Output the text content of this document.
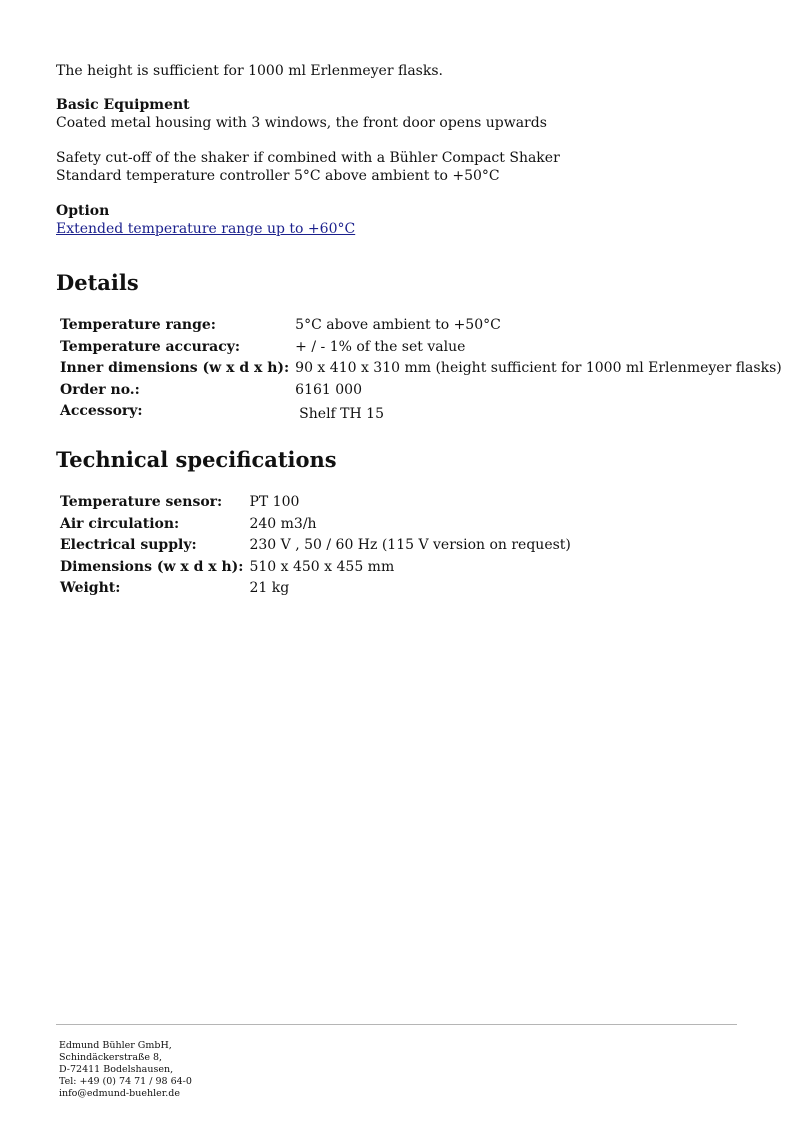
The height is sufficient for 1000 ml Erlenmeyer flasks.
Basic Equipment
Coated metal housing with 3 windows, the front door opens upwards
Safety cut-off of the shaker if combined with a Bühler Compact Shaker
Standard temperature controller 5°C above ambient to +50°C
Option
Extended temperature range up to +60°C
Details
Temperature range:	5°C above ambient to +50°C
Temperature accuracy:	+ / - 1% of the set value
Inner dimensions (w x d x h):	90 x 410 x 310 mm (height sufficient for 1000 ml Erlenmeyer flasks)
Order no.:	6161 000
Accessory:	Shelf TH 15
Technical specifications
Temperature sensor:	PT 100
Air circulation:	240 m3/h
Electrical supply:	230 V , 50 / 60 Hz (115 V version on request)
Dimensions (w x d x h):	510 x 450 x 455 mm
Weight:	21 kg
Edmund Bühler GmbH,
Schindäckerstraße 8,
D-72411 Bodelshausen,
Tel: +49 (0) 74 71 / 98 64-0
info@edmund-buehler.de
